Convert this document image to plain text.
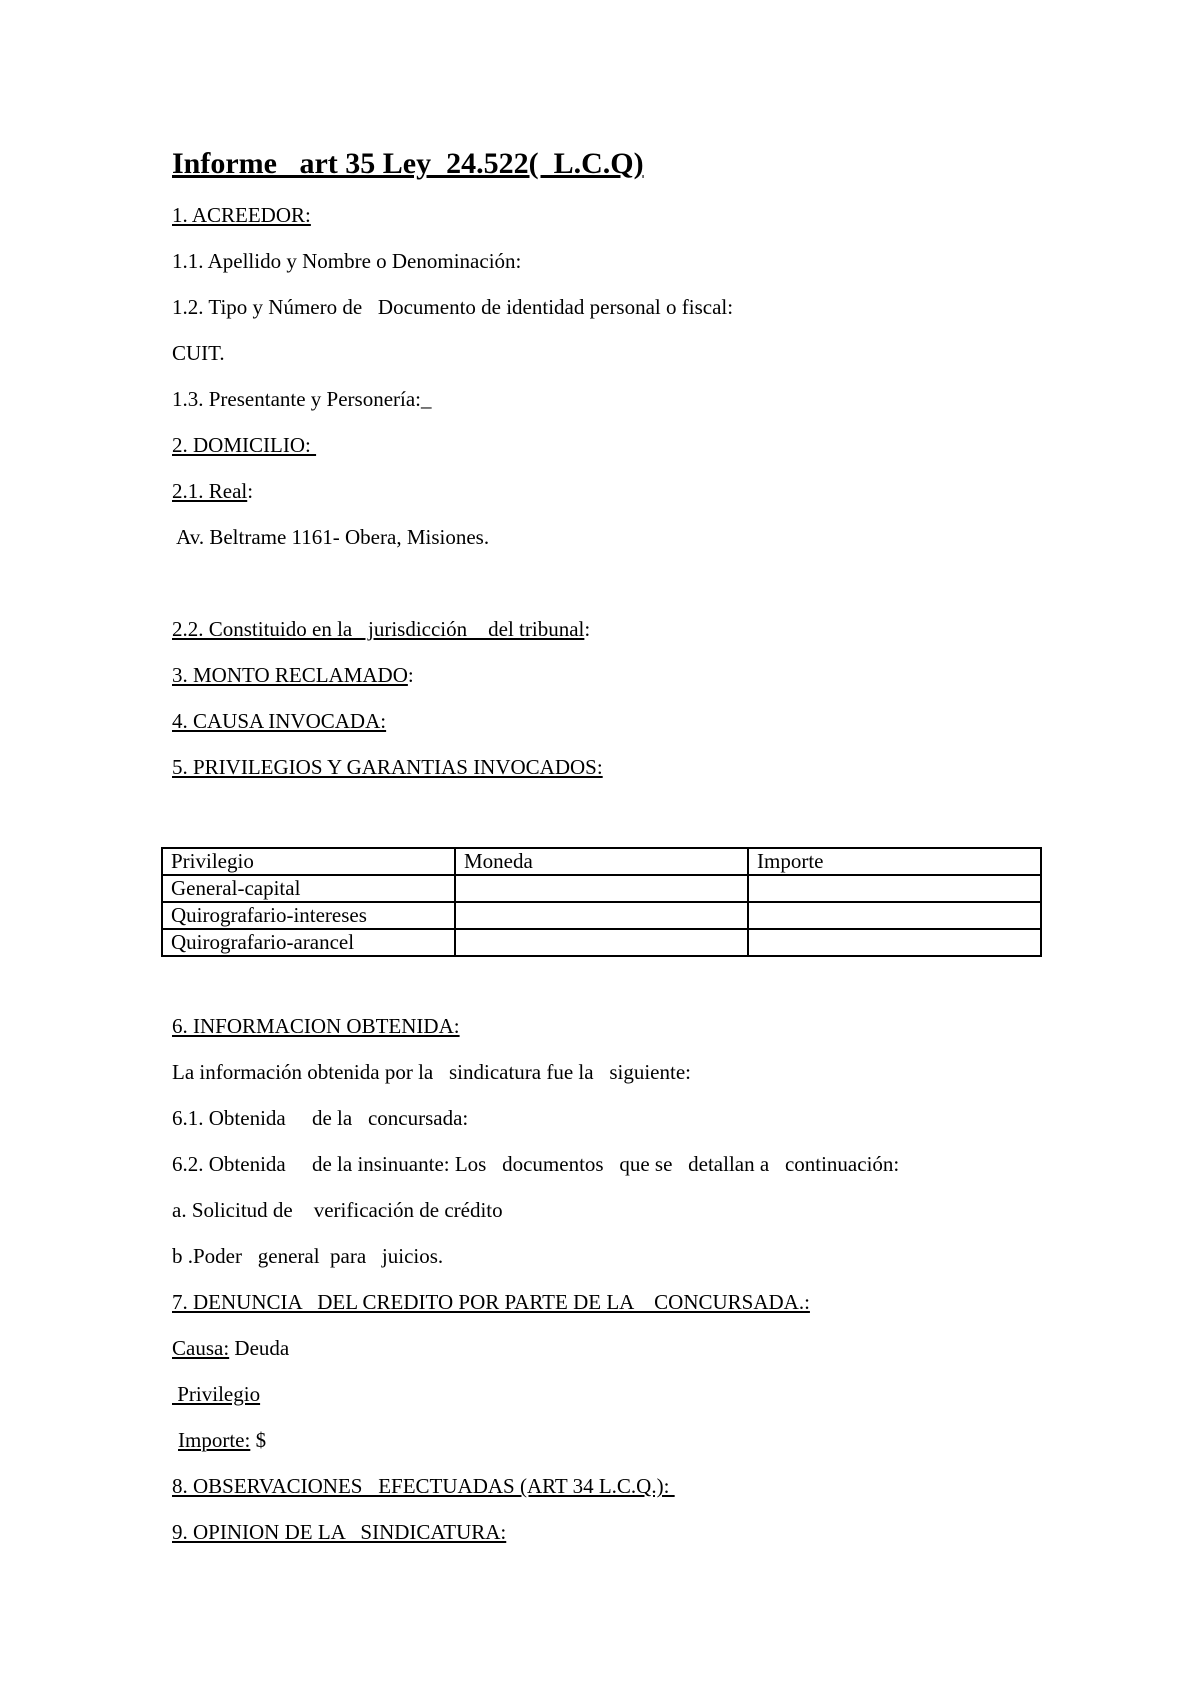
Informe   art 35 Ley  24.522(  L.C.Q)
1. ACREEDOR:
1.1. Apellido y Nombre o Denominación:
1.2. Tipo y Número de   Documento de identidad personal o fiscal:
CUIT.
1.3. Presentante y Personería:_
2. DOMICILIO:
2.1. Real:
Av. Beltrame 1161- Obera, Misiones.
2.2. Constituido en la   jurisdicción    del tribunal:
3. MONTO RECLAMADO:
4. CAUSA INVOCADA:
5. PRIVILEGIOS Y GARANTIAS INVOCADOS:
Privilegio	Moneda	Importe
General-capital		
Quirografario-intereses		
Quirografario-arancel		
6. INFORMACION OBTENIDA:
La información obtenida por la   sindicatura fue la   siguiente:
6.1. Obtenida     de la   concursada:
6.2. Obtenida     de la insinuante: Los   documentos   que se   detallan a   continuación:
a. Solicitud de    verificación de crédito
b .Poder   general  para   juicios.
7. DENUNCIA   DEL CREDITO POR PARTE DE LA    CONCURSADA.:
Causa: Deuda
Privilegio
Importe: $
8. OBSERVACIONES   EFECTUADAS (ART 34 L.C.Q.):
9. OPINION DE LA   SINDICATURA:
